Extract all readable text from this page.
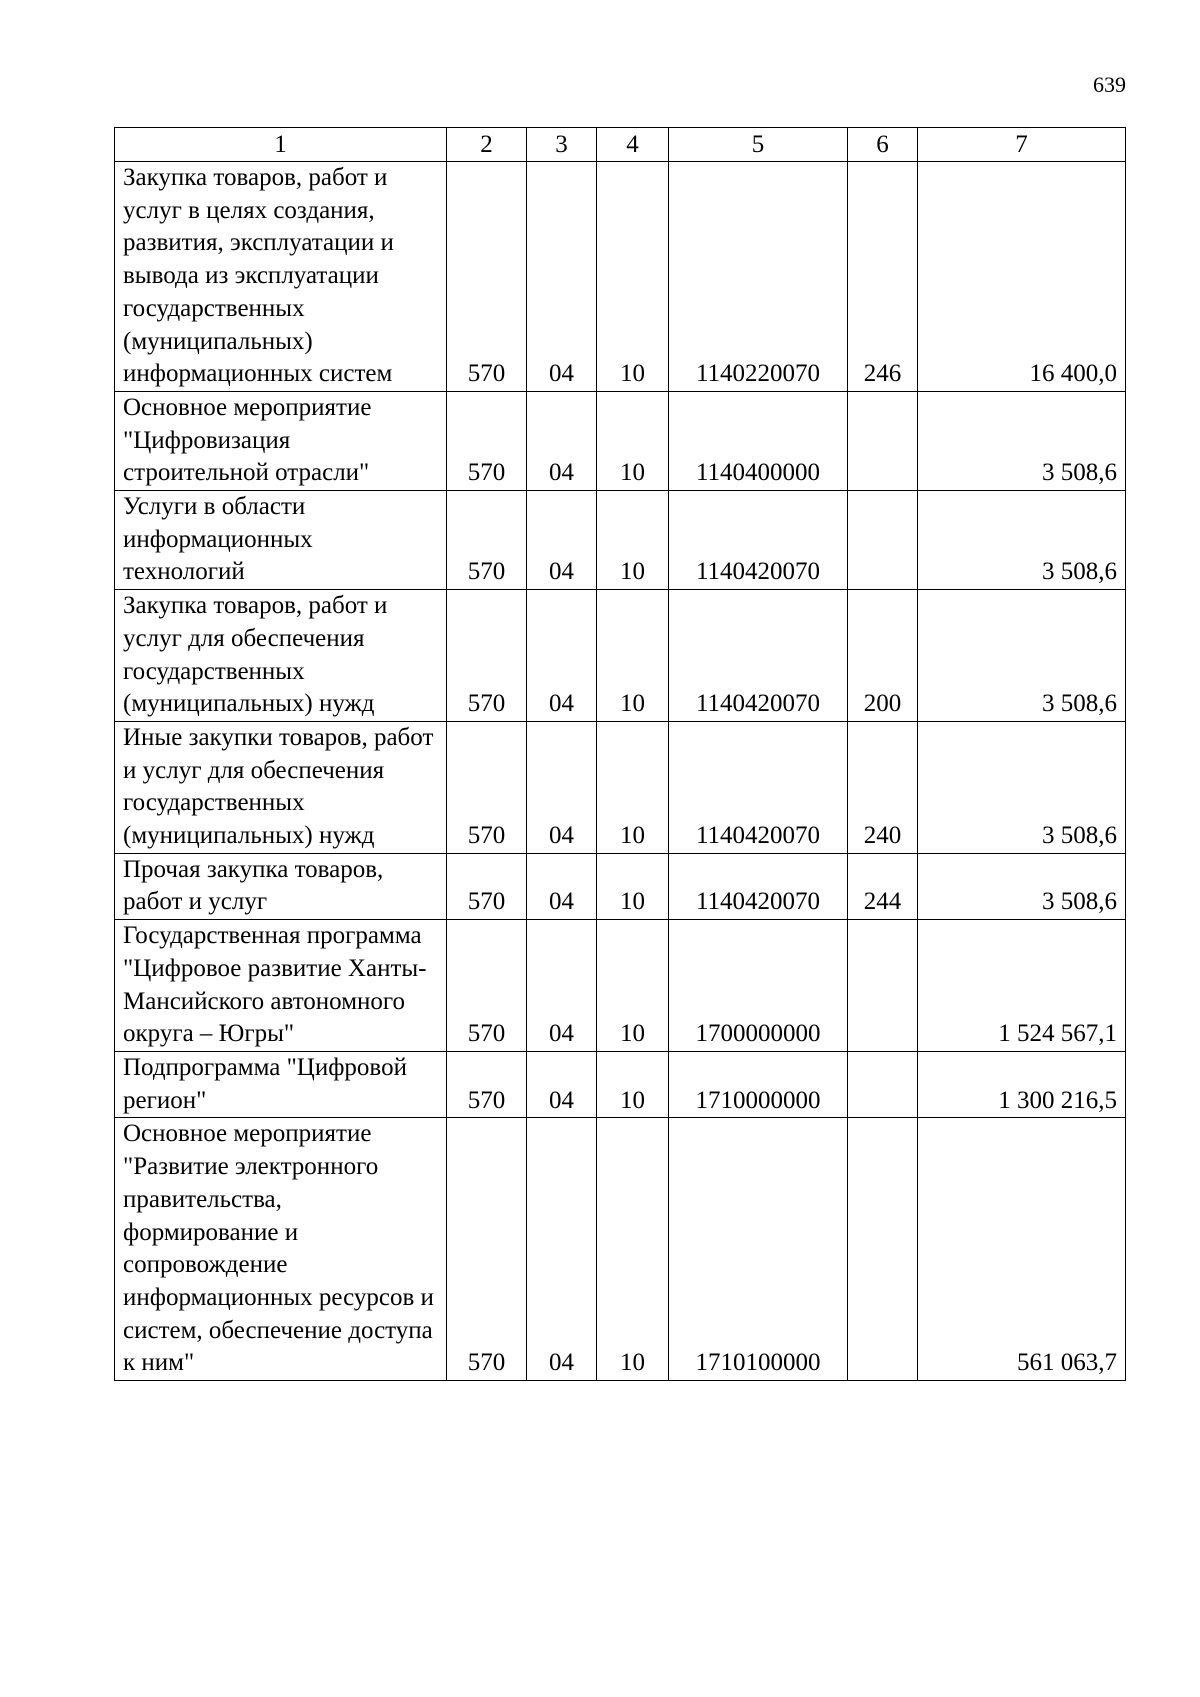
639
1	2	3	4	5	6	7
Закупка товаров, работ и услуг в целях создания, развития, эксплуатации и вывода из эксплуатации государственных (муниципальных) информационных систем	570	04	10	1140220070	246	16 400,0
Основное мероприятие "Цифровизация строительной отрасли"	570	04	10	1140400000		3 508,6
Услуги в области информационных технологий	570	04	10	1140420070		3 508,6
Закупка товаров, работ и услуг для обеспечения государственных (муниципальных) нужд	570	04	10	1140420070	200	3 508,6
Иные закупки товаров, работ и услуг для обеспечения государственных (муниципальных) нужд	570	04	10	1140420070	240	3 508,6
Прочая закупка товаров, работ и услуг	570	04	10	1140420070	244	3 508,6
Государственная программа "Цифровое развитие Ханты-Мансийского автономного округа – Югры"	570	04	10	1700000000		1 524 567,1
Подпрограмма "Цифровой регион"	570	04	10	1710000000		1 300 216,5
Основное мероприятие "Развитие электронного правительства, формирование и сопровождение информационных ресурсов и систем, обеспечение доступа к ним"	570	04	10	1710100000		561 063,7
